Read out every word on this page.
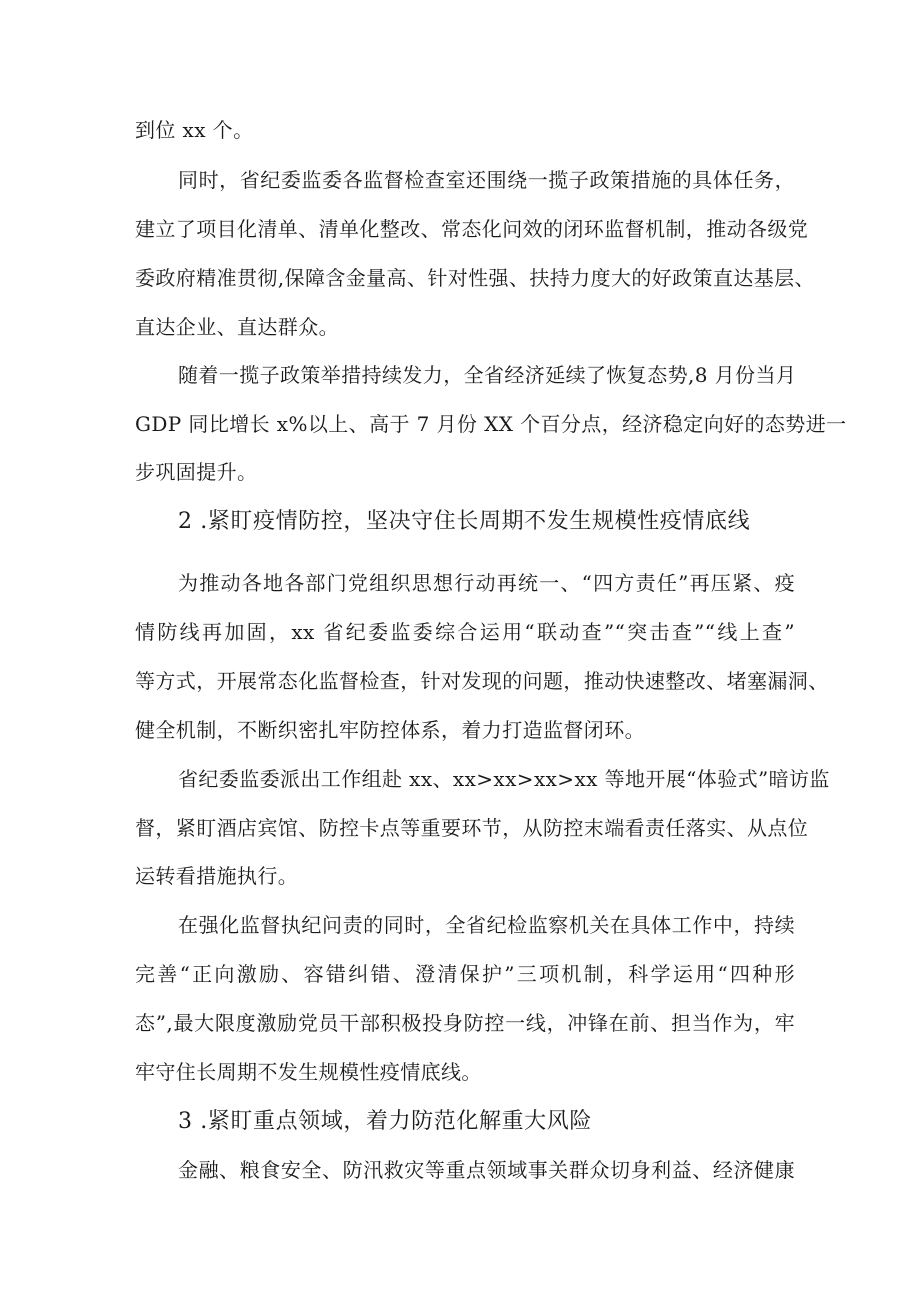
到位 xx 个。
同时，省纪委监委各监督检查室还围绕一揽子政策措施的具体任务，
建立了项目化清单、清单化整改、常态化问效的闭环监督机制，推动各级党
委政府精准贯彻,保障含金量高、针对性强、扶持力度大的好政策直达基层、
直达企业、直达群众。
随着一揽子政策举措持续发力，全省经济延续了恢复态势,8 月份当月
GDP 同比增长 x%以上、高于 7 月份 XX 个百分点，经济稳定向好的态势进一
步巩固提升。
2 .紧盯疫情防控，坚决守住长周期不发生规模性疫情底线
为推动各地各部门党组织思想行动再统一、“四方责任”再压紧、疫
情防线再加固，xx 省纪委监委综合运用“联动查”“突击查”“线上查”
等方式，开展常态化监督检查，针对发现的问题，推动快速整改、堵塞漏洞、
健全机制，不断织密扎牢防控体系，着力打造监督闭环。
省纪委监委派出工作组赴 xx、xx>xx>xx>xx 等地开展“体验式”暗访监
督，紧盯酒店宾馆、防控卡点等重要环节，从防控末端看责任落实、从点位
运转看措施执行。
在强化监督执纪问责的同时，全省纪检监察机关在具体工作中，持续
完善“正向激励、容错纠错、澄清保护”三项机制，科学运用“四种形
态”,最大限度激励党员干部积极投身防控一线，冲锋在前、担当作为，牢
牢守住长周期不发生规模性疫情底线。
3 .紧盯重点领域，着力防范化解重大风险
金融、粮食安全、防汛救灾等重点领域事关群众切身利益、经济健康
